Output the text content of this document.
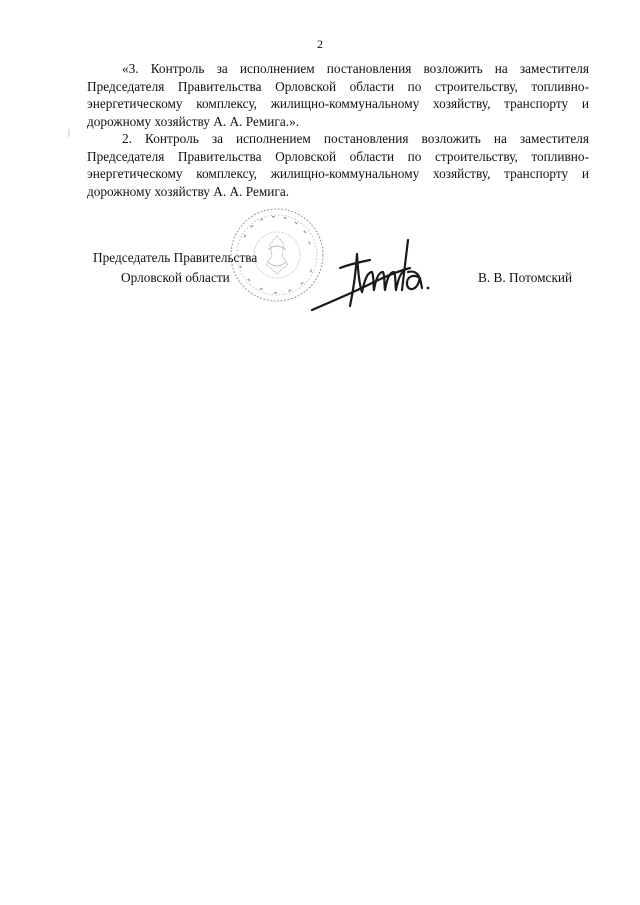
2

«3. Контроль за исполнением постановления возложить на заместителя Председателя Правительства Орловской области по строительству, топливно-энергетическому комплексу, жилищно-коммунальному хозяйству, транспорту и дорожному хозяйству А. А. Ремига.».

2. Контроль за исполнением постановления возложить на заместителя Председателя Правительства Орловской области по строительству, топливно-энергетическому комплексу, жилищно-коммунальному хозяйству, транспорту и дорожному хозяйству А. А. Ремига.

Председатель Правительства
Орловской области	В. В. Потомский
